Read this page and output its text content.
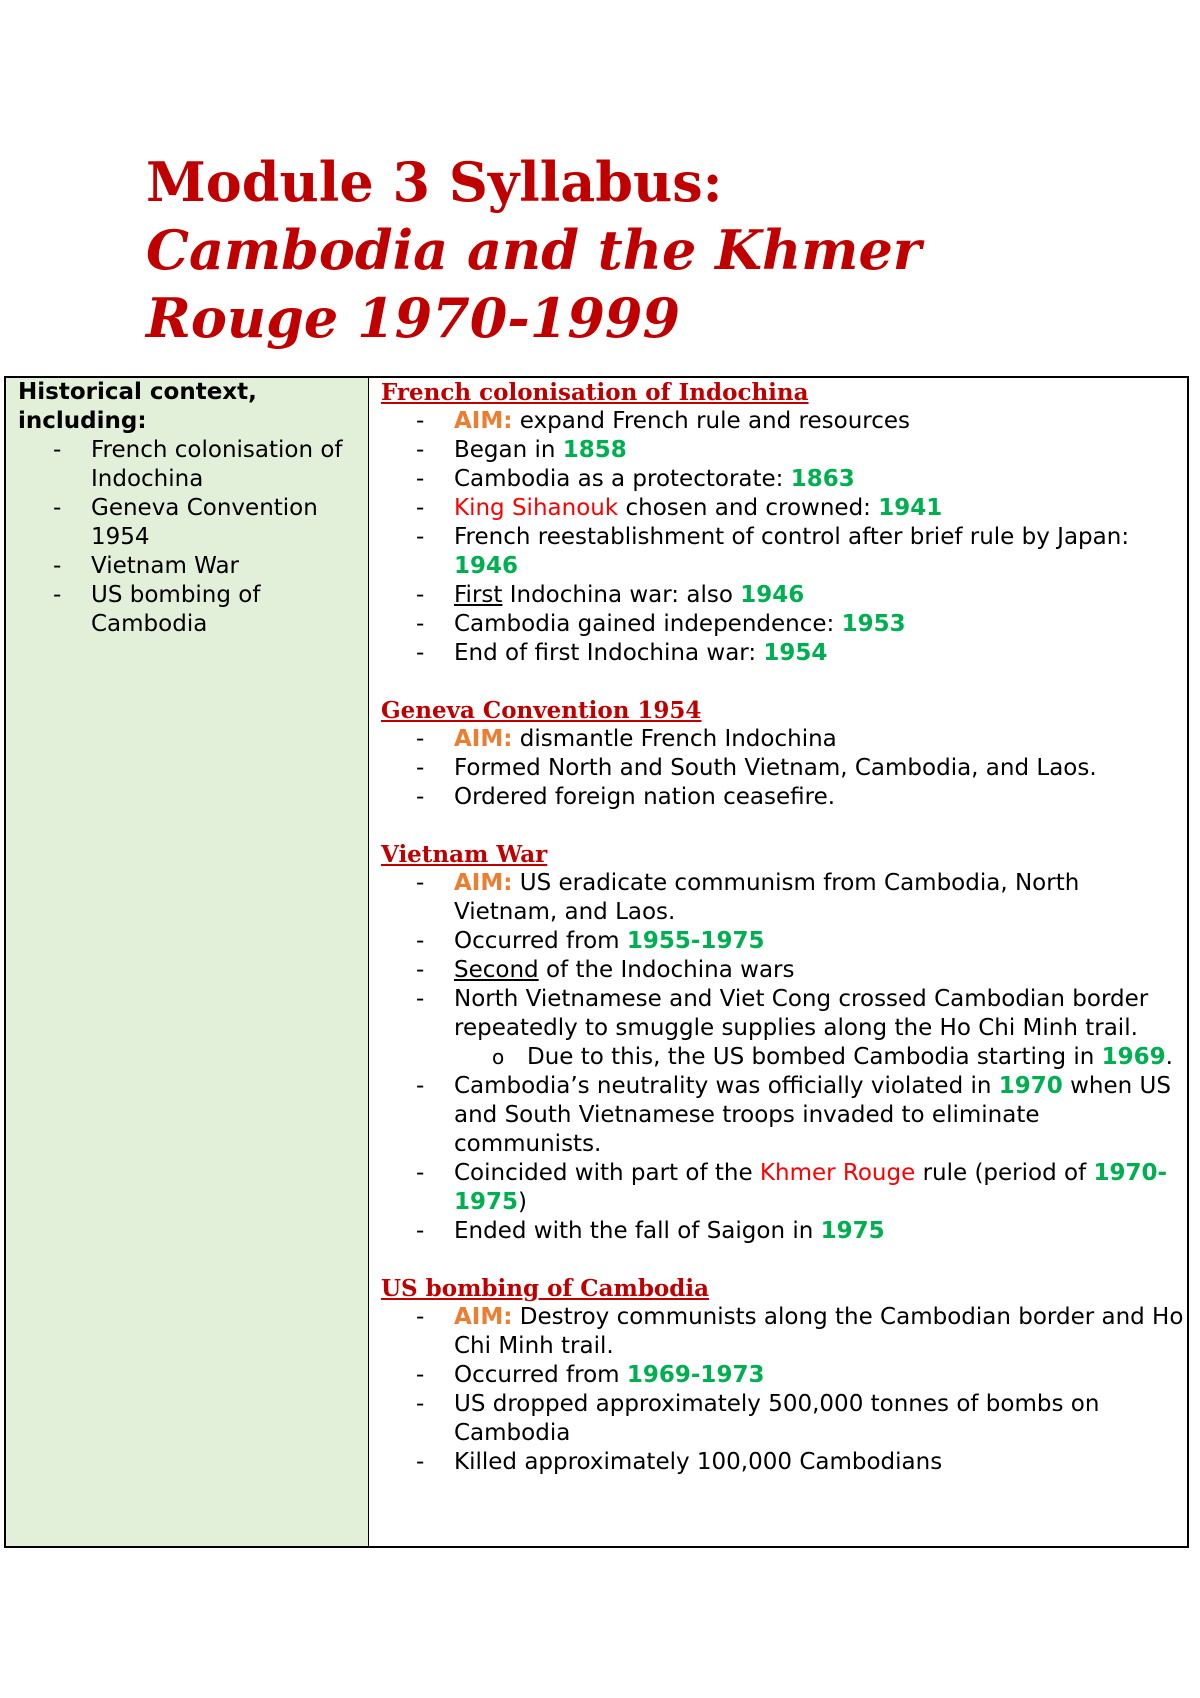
Module 3 Syllabus:
Cambodia and the Khmer
Rouge 1970-1999

Historical context,
including:

- French colonisation of Indochina
- Geneva Convention 1954
- Vietnam War
- US bombing of Cambodia

French colonisation of Indochina

- AIM: expand French rule and resources
- Began in 1858
- Cambodia as a protectorate: 1863
- King Sihanouk chosen and crowned: 1941
- French reestablishment of control after brief rule by Japan: 1946
- First Indochina war: also 1946
- Cambodia gained independence: 1953
- End of first Indochina war: 1954

Geneva Convention 1954

- AIM: dismantle French Indochina
- Formed North and South Vietnam, Cambodia, and Laos.
- Ordered foreign nation ceasefire.

Vietnam War

- AIM: US eradicate communism from Cambodia, North Vietnam, and Laos.
- Occurred from 1955-1975
- Second of the Indochina wars
- North Vietnamese and Viet Cong crossed Cambodian border repeatedly to smuggle supplies along the Ho Chi Minh trail.
o Due to this, the US bombed Cambodia starting in 1969.
- Cambodia’s neutrality was officially violated in 1970 when US and South Vietnamese troops invaded to eliminate communists.
- Coincided with part of the Khmer Rouge rule (period of 1970-1975)
- Ended with the fall of Saigon in 1975

US bombing of Cambodia

- AIM: Destroy communists along the Cambodian border and Ho Chi Minh trail.
- Occurred from 1969-1973
- US dropped approximately 500,000 tonnes of bombs on Cambodia
- Killed approximately 100,000 Cambodians
